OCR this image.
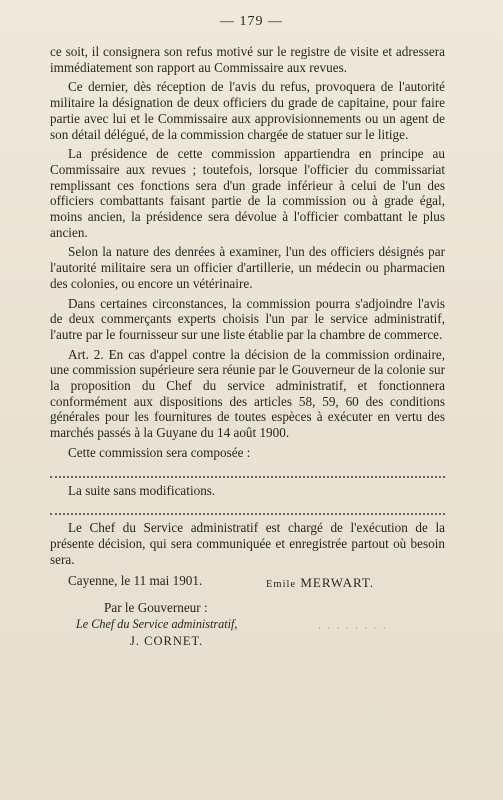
— 179 —

ce soit, il consignera son refus motivé sur le registre de visite et adressera immédiatement son rapport au Commissaire aux revues.

Ce dernier, dès réception de l'avis du refus, provoquera de l'autorité militaire la désignation de deux officiers du grade de capitaine, pour faire partie avec lui et le Commissaire aux approvisionnements ou un agent de son détail délégué, de la commission chargée de statuer sur le litige.

La présidence de cette commission appartiendra en principe au Commissaire aux revues ; toutefois, lorsque l'officier du commissariat remplissant ces fonctions sera d'un grade inférieur à celui de l'un des officiers combattants faisant partie de la commission ou à grade égal, moins ancien, la présidence sera dévolue à l'officier combattant le plus ancien.

Selon la nature des denrées à examiner, l'un des officiers désignés par l'autorité militaire sera un officier d'artillerie, un médecin ou pharmacien des colonies, ou encore un vétérinaire.

Dans certaines circonstances, la commission pourra s'adjoindre l'avis de deux commerçants experts choisis l'un par le service administratif, l'autre par le fournisseur sur une liste établie par la chambre de commerce.

Art. 2. En cas d'appel contre la décision de la commission ordinaire, une commission supérieure sera réunie par le Gouverneur de la colonie sur la proposition du Chef du service administratif, et fonctionnera conformément aux dispositions des articles 58, 59, 60 des conditions générales pour les fournitures de toutes espèces à exécuter en vertu des marchés passés à la Guyane du 14 août 1900.

Cette commission sera composée :

La suite sans modifications.

Le Chef du Service administratif est chargé de l'exécution de la présente décision, qui sera communiquée et enregistrée partout où besoin sera.

Cayenne, le 11 mai 1901.	Emile MERWART.
Par le Gouverneur :
Le Chef du Service administratif,
J. CORNET.
· · · · · · · ·
